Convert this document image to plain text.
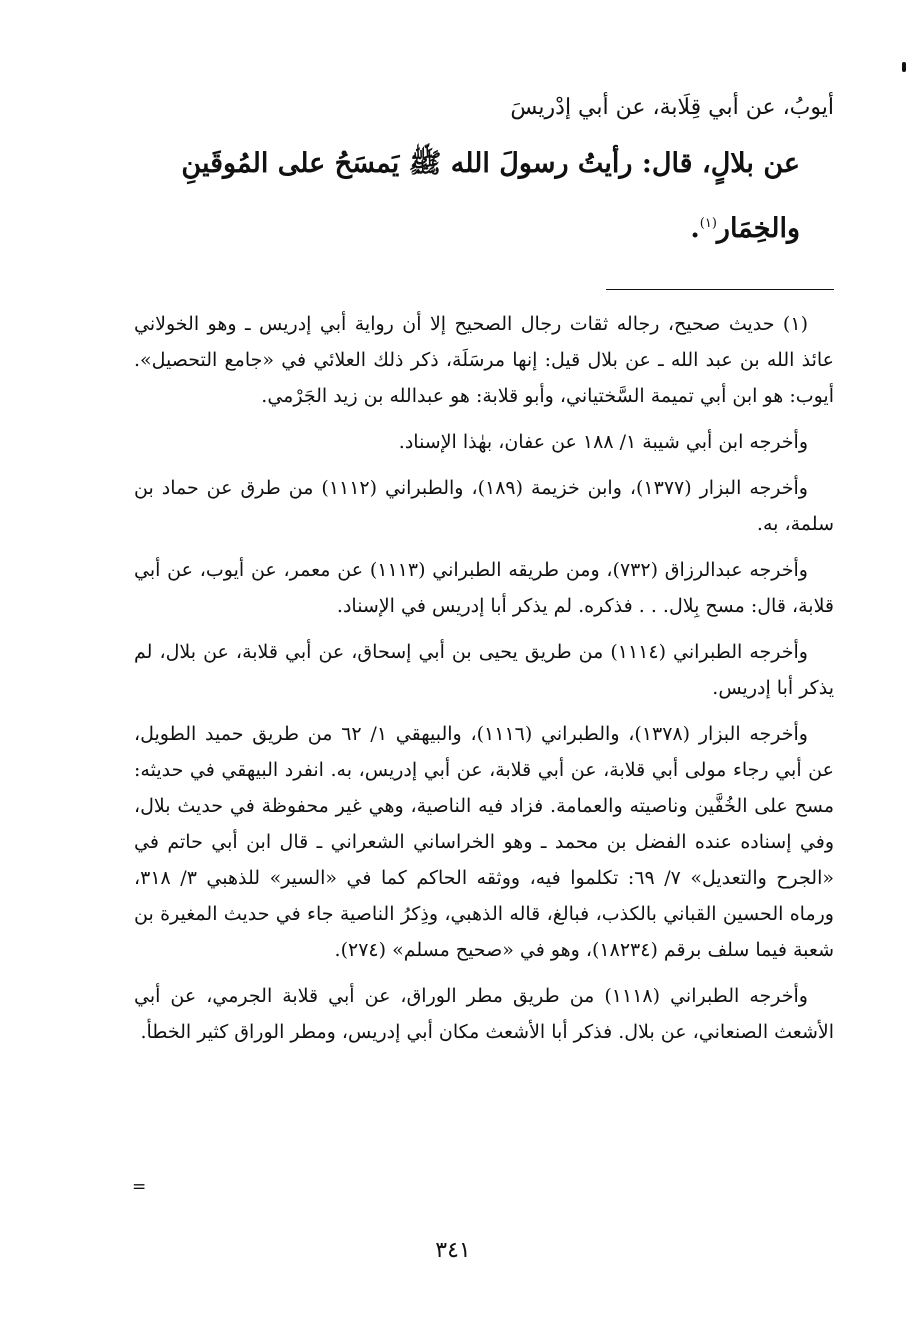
أيوبُ، عن أبي قِلَابة، عن أبي إدْريسَ

عن بلالٍ، قال: رأيتُ رسولَ الله ﷺ يَمسَحُ على المُوقَينِ
والخِمَار$^{(١)}$.

(١) حديث صحيح، رجاله ثقات رجال الصحيح إلا أن رواية أبي إدريس ـ وهو الخولاني عائذ الله بن عبد الله ـ عن بلال قيل: إنها مرسَلَة، ذكر ذلك العلائي في «جامع التحصيل». أيوب: هو ابن أبي تميمة السَّختياني، وأبو قلابة: هو عبدالله بن زيد الجَرْمي.

وأخرجه ابن أبي شيبة ١/ ١٨٨ عن عفان، بهٰذا الإسناد.

وأخرجه البزار (١٣٧٧)، وابن خزيمة (١٨٩)، والطبراني (١١١٢) من طرق عن حماد بن سلمة، به.

وأخرجه عبدالرزاق (٧٣٢)، ومن طريقه الطبراني (١١١٣) عن معمر، عن أيوب، عن أبي قلابة، قال: مسح بِلال. . . فذكره. لم يذكر أبا إدريس في الإسناد.

وأخرجه الطبراني (١١١٤) من طريق يحيى بن أبي إسحاق، عن أبي قلابة، عن بلال، لم يذكر أبا إدريس.

وأخرجه البزار (١٣٧٨)، والطبراني (١١١٦)، والبيهقي ١/ ٦٢ من طريق حميد الطويل، عن أبي رجاء مولى أبي قلابة، عن أبي قلابة، عن أبي إدريس، به. انفرد البيهقي في حديثه: مسح على الخُفَّين وناصيته والعمامة. فزاد فيه الناصية، وهي غير محفوظة في حديث بلال، وفي إسناده عنده الفضل بن محمد ـ وهو الخراساني الشعراني ـ قال ابن أبي حاتم في «الجرح والتعديل» ٧/ ٦٩: تكلموا فيه، ووثقه الحاكم كما في «السير» للذهبي ٣/ ٣١٨، ورماه الحسين القباني بالكذب، فبالغ، قاله الذهبي، وذِكرُ الناصية جاء في حديث المغيرة بن شعبة فيما سلف برقم (١٨٢٣٤)، وهو في «صحيح مسلم» (٢٧٤).

وأخرجه الطبراني (١١١٨) من طريق مطر الوراق، عن أبي قلابة الجرمي، عن أبي الأشعث الصنعاني، عن بلال. فذكر أبا الأشعث مكان أبي إدريس، ومطر الوراق كثير الخطأ.

=
٣٤١
